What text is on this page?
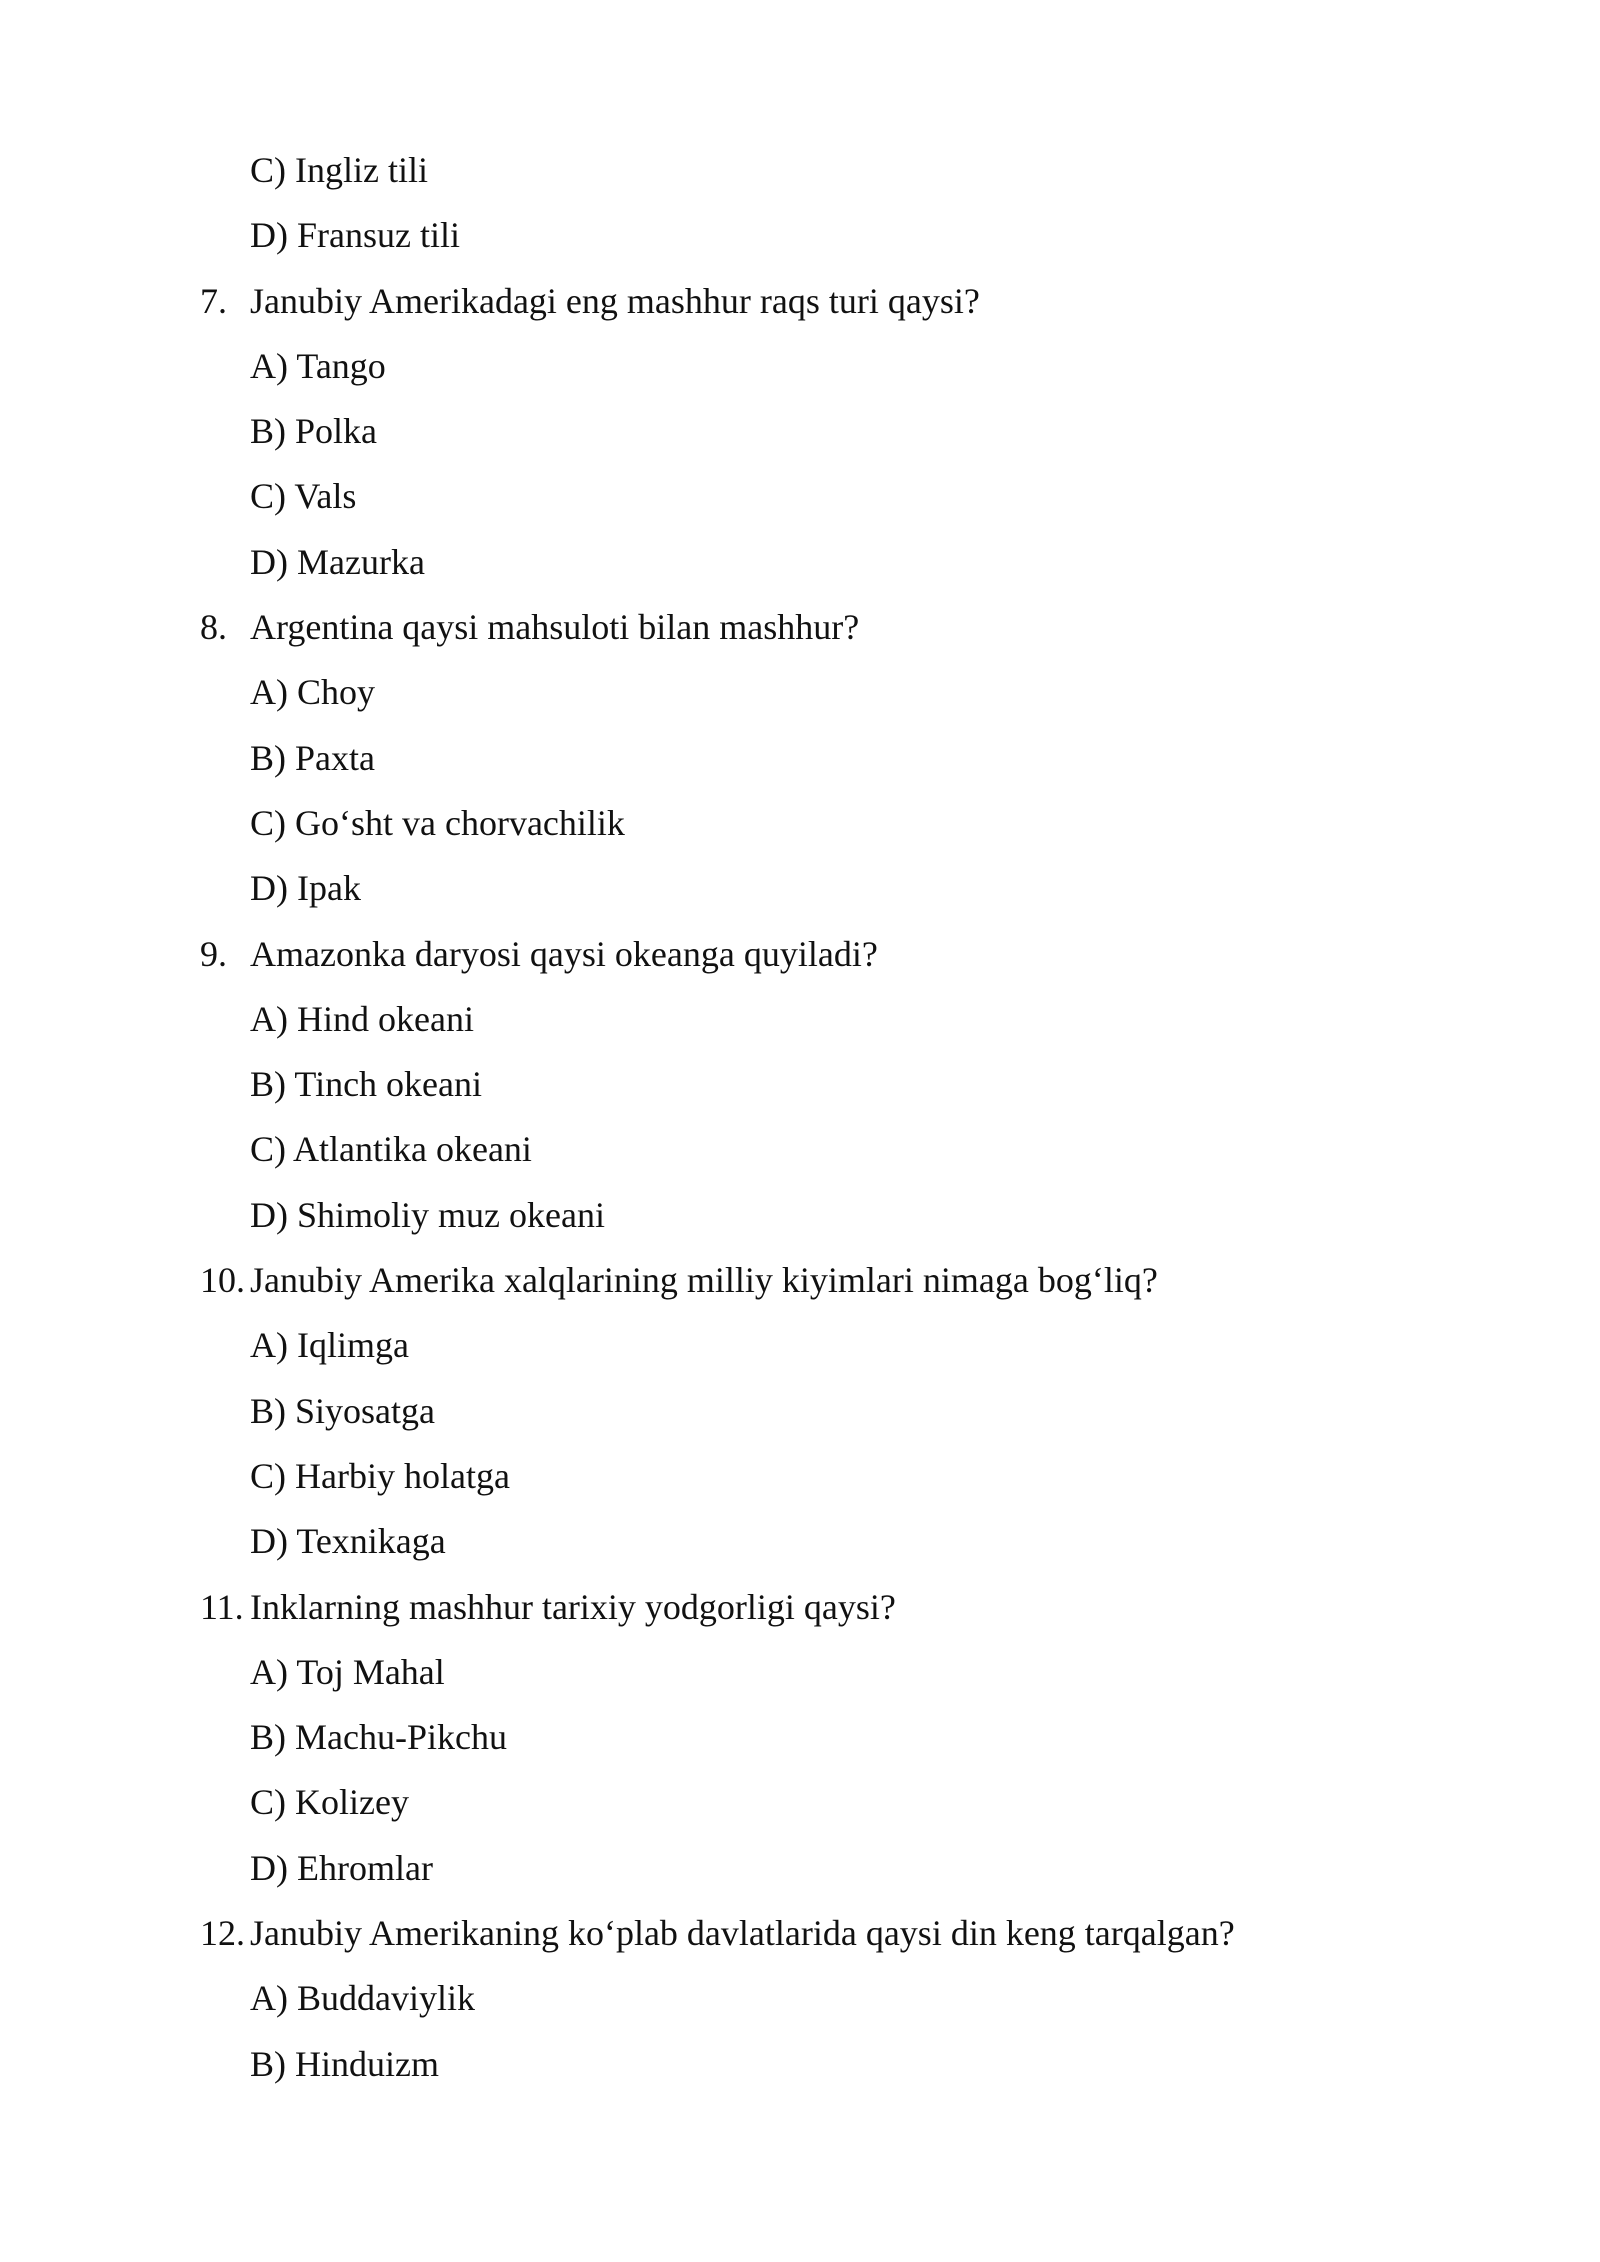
C) Ingliz tili
D) Fransuz tili
7. Janubiy Amerikadagi eng mashhur raqs turi qaysi?
A) Tango
B) Polka
C) Vals
D) Mazurka
8. Argentina qaysi mahsuloti bilan mashhur?
A) Choy
B) Paxta
C) Go‘sht va chorvachilik
D) Ipak
9. Amazonka daryosi qaysi okeanga quyiladi?
A) Hind okeani
B) Tinch okeani
C) Atlantika okeani
D) Shimoliy muz okeani
10. Janubiy Amerika xalqlarining milliy kiyimlari nimaga bog‘liq?
A) Iqlimga
B) Siyosatga
C) Harbiy holatga
D) Texnikaga
11. Inklarning mashhur tarixiy yodgorligi qaysi?
A) Toj Mahal
B) Machu-Pikchu
C) Kolizey
D) Ehromlar
12. Janubiy Amerikaning ko‘plab davlatlarida qaysi din keng tarqalgan?
A) Buddaviylik
B) Hinduizm
